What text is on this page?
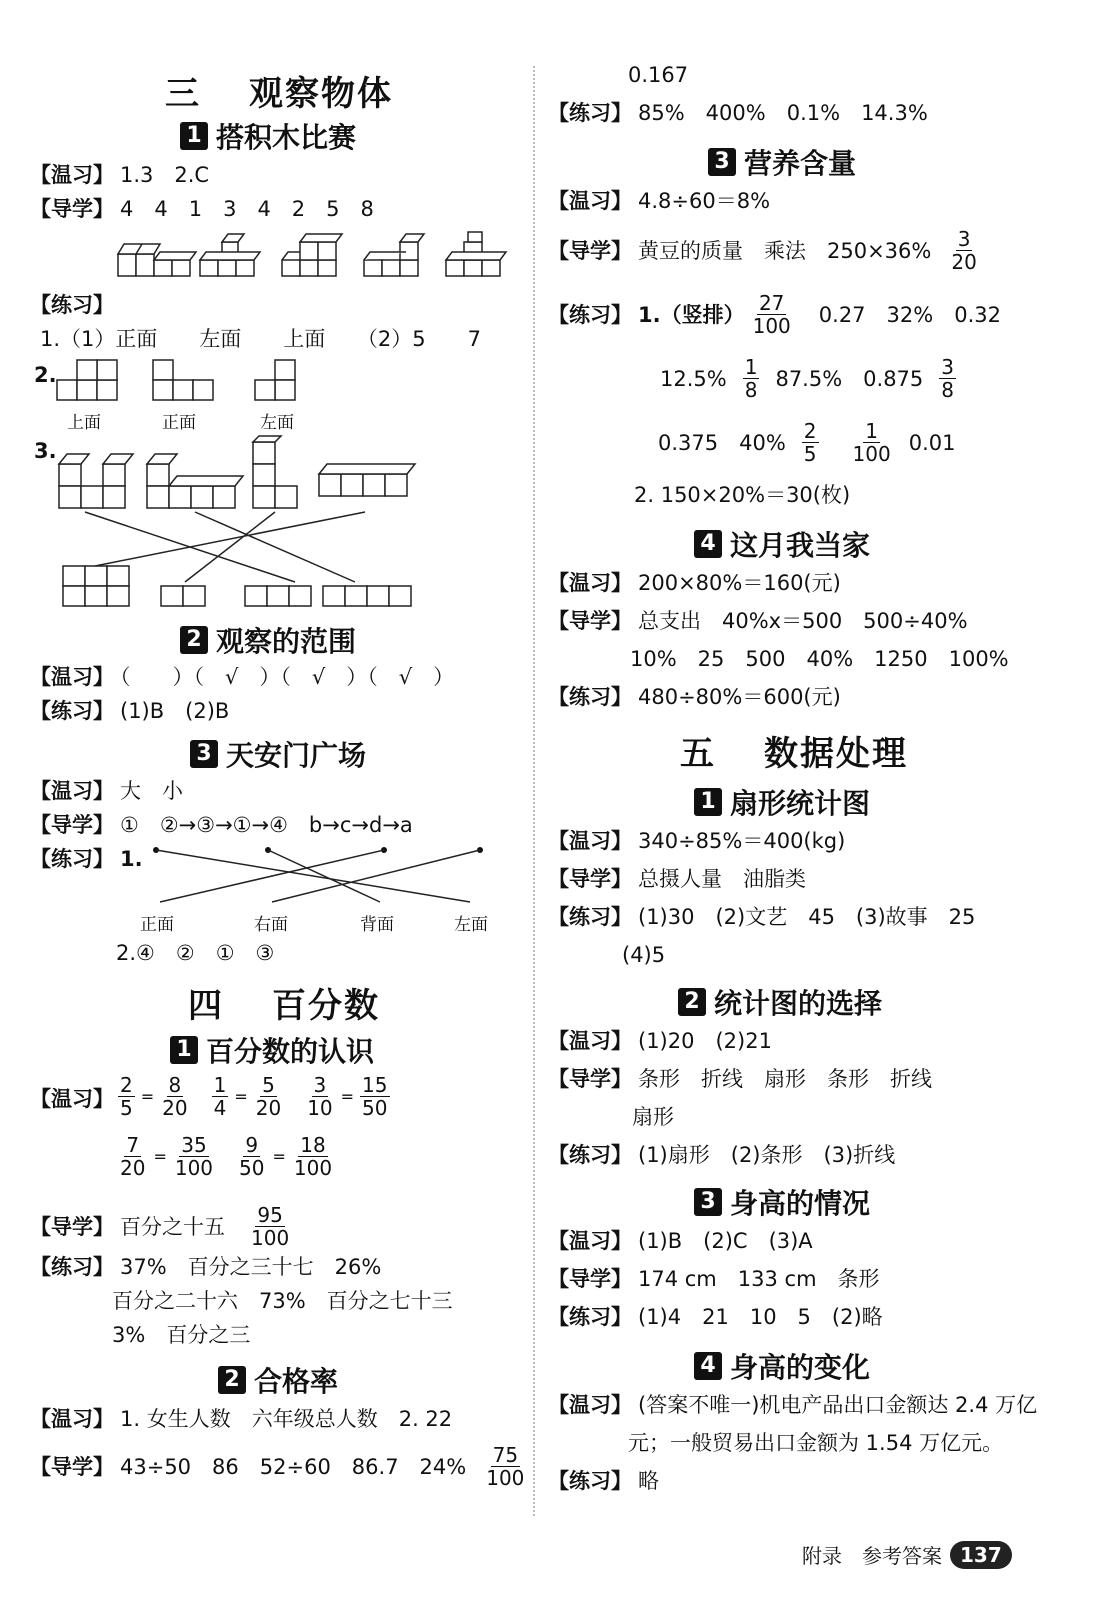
三 观察物体
1 搭积木比赛
【温习】 1.3　2.C
【导学】 4　4　1　3　4　2　5　8
【练习】
1.（1）正面　　左面　　上面　　（2）5　　7
2.
上面	正面	左面
3.
2 观察的范围
【温习】 （　　）（　√　）（　√　）（　√　）
【练习】 (1)B　(2)B
3 天安门广场
【温习】 大　小
【导学】 ①　②→③→①→④　b→c→d→a
【练习】 1.
正面	右面	背面	左面
2.④　②　①　③
四 百分数
1 百分数的认识
【温习】 $\frac{2}{5} = \frac{8}{20} \frac{1}{4} = \frac{5}{20} \frac{3}{10} = \frac{15}{50}$
$\frac{7}{20} = \frac{35}{100} \frac{9}{50} = \frac{18}{100}$
【导学】 百分之十五 $\frac{95}{100}$
【练习】 37%　百分之三十七　26%
百分之二十六　73%　百分之七十三
3%　百分之三
2 合格率
【温习】 1. 女生人数　六年级总人数　2. 22
【导学】 43÷50　86　52÷60　86.7　$24\% \frac{75}{100}$
0.167
【练习】 85%　400%　0.1%　14.3%
3 营养含量
【温习】 4.8÷60＝8%
【导学】 黄豆的质量　乘法　$250\times 36\% \frac{3}{20}$
【练习】 1.（竖排） $\frac{27}{100} 0.27$　32%　0.32
$12.5\% \frac{1}{8} 87.5\%$　$0.875 \frac{3}{8}$
0.375　$40\% \frac{2}{5} \frac{1}{100} 0.01$
2. 150×20%＝30(枚)
4 这月我当家
【温习】 200×80%＝160(元)
【导学】 总支出　40%x＝500　500÷40%
10%　25　500　40%　1250　100%
【练习】 480÷80%＝600(元)
五 数据处理
1 扇形统计图
【温习】 340÷85%＝400(kg)
【导学】 总摄人量　油脂类
【练习】 (1)30　(2)文艺　45　(3)故事　25
(4)5
2 统计图的选择
【温习】 (1)20　(2)21
【导学】 条形　折线　扇形　条形　折线
扇形
【练习】 (1)扇形　(2)条形　(3)折线
3 身高的情况
【温习】 (1)B　(2)C　(3)A
【导学】 174 cm　133 cm　条形
【练习】 (1)4　21　10　5　(2)略
4 身高的变化
【温习】 (答案不唯一)机电产品出口金额达 2.4 万亿
元；一般贸易出口金额为 1.54 万亿元。
【练习】 略
附录　参考答案 137
